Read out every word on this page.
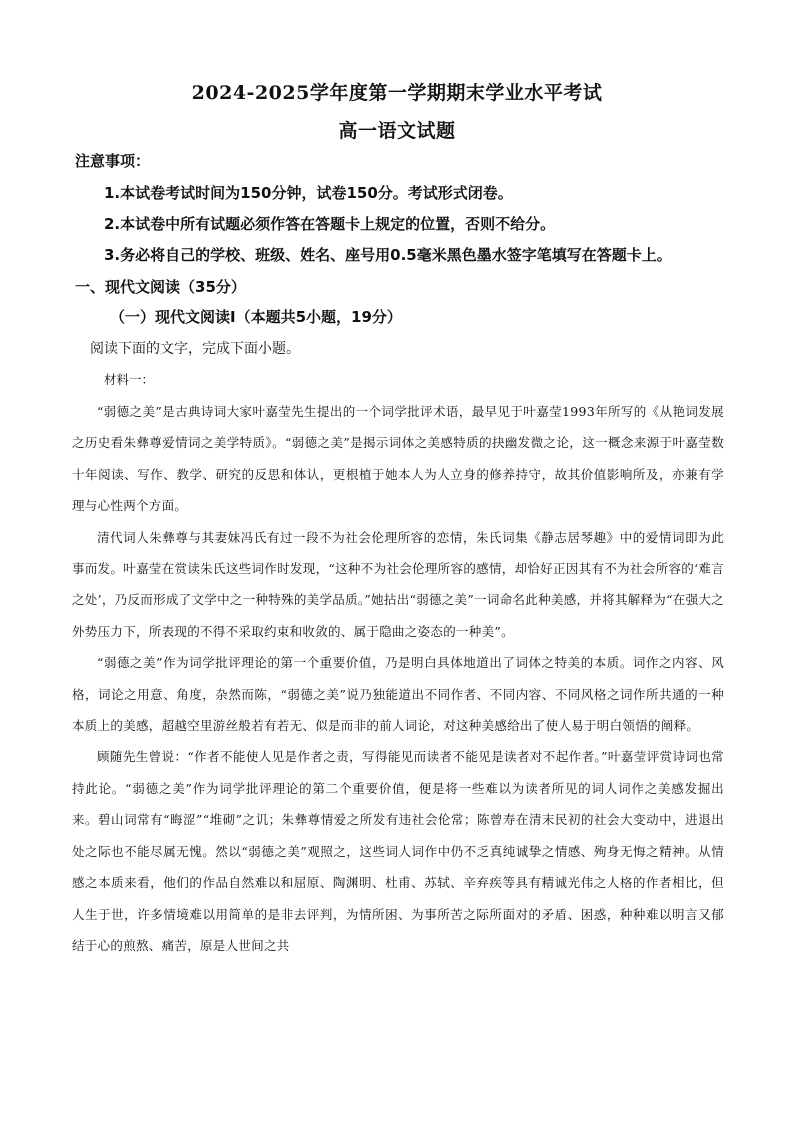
2024-2025学年度第一学期期末学业水平考试
高一语文试题
注意事项：
1.本试卷考试时间为150分钟，试卷150分。考试形式闭卷。
2.本试卷中所有试题必须作答在答题卡上规定的位置，否则不给分。
3.务必将自己的学校、班级、姓名、座号用0.5毫米黑色墨水签字笔填写在答题卡上。
一、现代文阅读（35分）
（一）现代文阅读Ⅰ（本题共5小题，19分）
阅读下面的文字，完成下面小题。
材料一：

“弱德之美”是古典诗词大家叶嘉莹先生提出的一个词学批评术语，最早见于叶嘉莹1993年所写的《从艳词发展之历史看朱彝尊爱情词之美学特质》。“弱德之美”是揭示词体之美感特质的抉幽发微之论，这一概念来源于叶嘉莹数十年阅读、写作、教学、研究的反思和体认，更根植于她本人为人立身的修养持守，故其价值影响所及，亦兼有学理与心性两个方面。

清代词人朱彝尊与其妻妹冯氏有过一段不为社会伦理所容的恋情，朱氏词集《静志居琴趣》中的爱情词即为此事而发。叶嘉莹在赏读朱氏这些词作时发现，“这种不为社会伦理所容的感情，却恰好正因其有不为社会所容的‘难言之处’，乃反而形成了文学中之一种特殊的美学品质。”她拈出“弱德之美”一词命名此种美感，并将其解释为“在强大之外势压力下，所表现的不得不采取约束和收敛的、属于隐曲之姿态的一种美”。

“弱德之美”作为词学批评理论的第一个重要价值，乃是明白具体地道出了词体之特美的本质。词作之内容、风格，词论之用意、角度，杂然而陈，“弱德之美”说乃独能道出不同作者、不同内容、不同风格之词作所共通的一种本质上的美感，超越空里游丝般若有若无、似是而非的前人词论，对这种美感给出了使人易于明白领悟的阐释。

顾随先生曾说：“作者不能使人见是作者之责，写得能见而读者不能见是读者对不起作者。”叶嘉莹评赏诗词也常持此论。“弱德之美”作为词学批评理论的第二个重要价值，便是将一些难以为读者所见的词人词作之美感发掘出来。碧山词常有“晦涩”“堆砌”之讥；朱彝尊情爱之所发有违社会伦常；陈曾寿在清末民初的社会大变动中，进退出处之际也不能尽属无愧。然以“弱德之美”观照之，这些词人词作中仍不乏真纯诚挚之情感、殉身无悔之精神。从情感之本质来看，他们的作品自然难以和屈原、陶渊明、杜甫、苏轼、辛弃疾等具有精诚光伟之人格的作者相比，但人生于世，许多情境难以用简单的是非去评判，为情所困、为事所苦之际所面对的矛盾、困惑，种种难以明言又郁结于心的煎熬、痛苦，原是人世间之共
